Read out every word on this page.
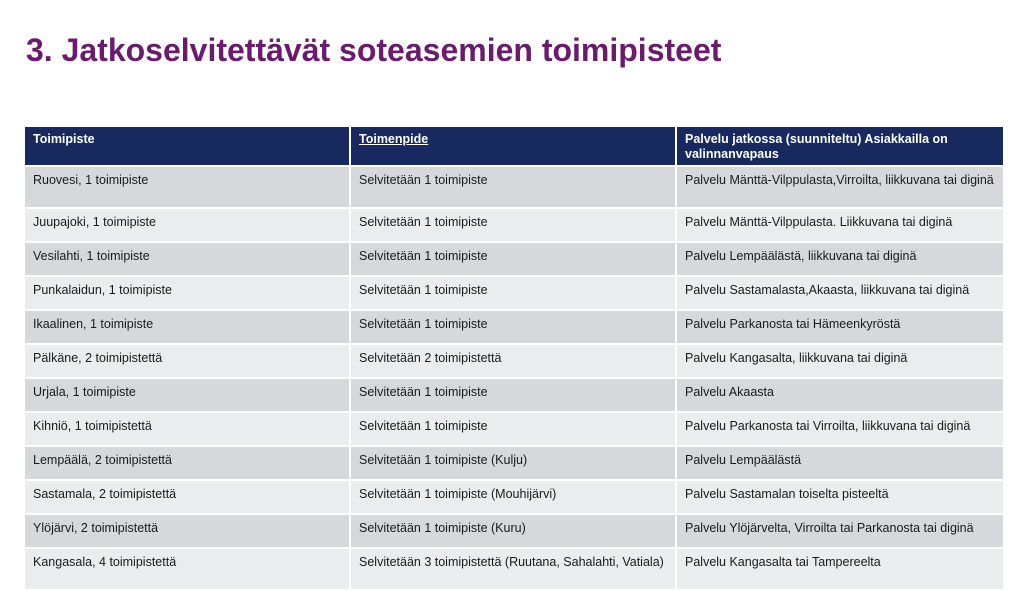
3. Jatkoselvitettävät soteasemien toimipisteet
Toimipiste	Toimenpide	Palvelu jatkossa (suunniteltu) Asiakkailla on valinnanvapaus
Ruovesi, 1 toimipiste	Selvitetään 1 toimipiste	Palvelu Mänttä-Vilppulasta,Virroilta, liikkuvana tai diginä
Juupajoki, 1 toimipiste	Selvitetään 1 toimipiste	Palvelu Mänttä-Vilppulasta. Liikkuvana tai diginä
Vesilahti, 1 toimipiste	Selvitetään 1 toimipiste	Palvelu Lempäälästä, liikkuvana tai diginä
Punkalaidun, 1 toimipiste	Selvitetään 1 toimipiste	Palvelu Sastamalasta,Akaasta, liikkuvana tai diginä
Ikaalinen, 1 toimipiste	Selvitetään 1 toimipiste	Palvelu Parkanosta tai Hämeenkyröstä
Pälkäne, 2 toimipistettä	Selvitetään 2 toimipistettä	Palvelu Kangasalta, liikkuvana tai diginä
Urjala, 1 toimipiste	Selvitetään 1 toimipiste	Palvelu Akaasta
Kihniö, 1 toimipistettä	Selvitetään 1 toimipiste	Palvelu Parkanosta tai Virroilta, liikkuvana tai diginä
Lempäälä, 2 toimipistettä	Selvitetään 1 toimipiste (Kulju)	Palvelu Lempäälästä
Sastamala, 2 toimipistettä	Selvitetään 1 toimipiste (Mouhijärvi)	Palvelu Sastamalan toiselta pisteeltä
Ylöjärvi, 2 toimipistettä	Selvitetään 1 toimipiste (Kuru)	Palvelu Ylöjärvelta, Virroilta tai Parkanosta tai diginä
Kangasala, 4 toimipistettä	Selvitetään 3 toimipistettä (Ruutana, Sahalahti, Vatiala)	Palvelu Kangasalta tai Tampereelta
